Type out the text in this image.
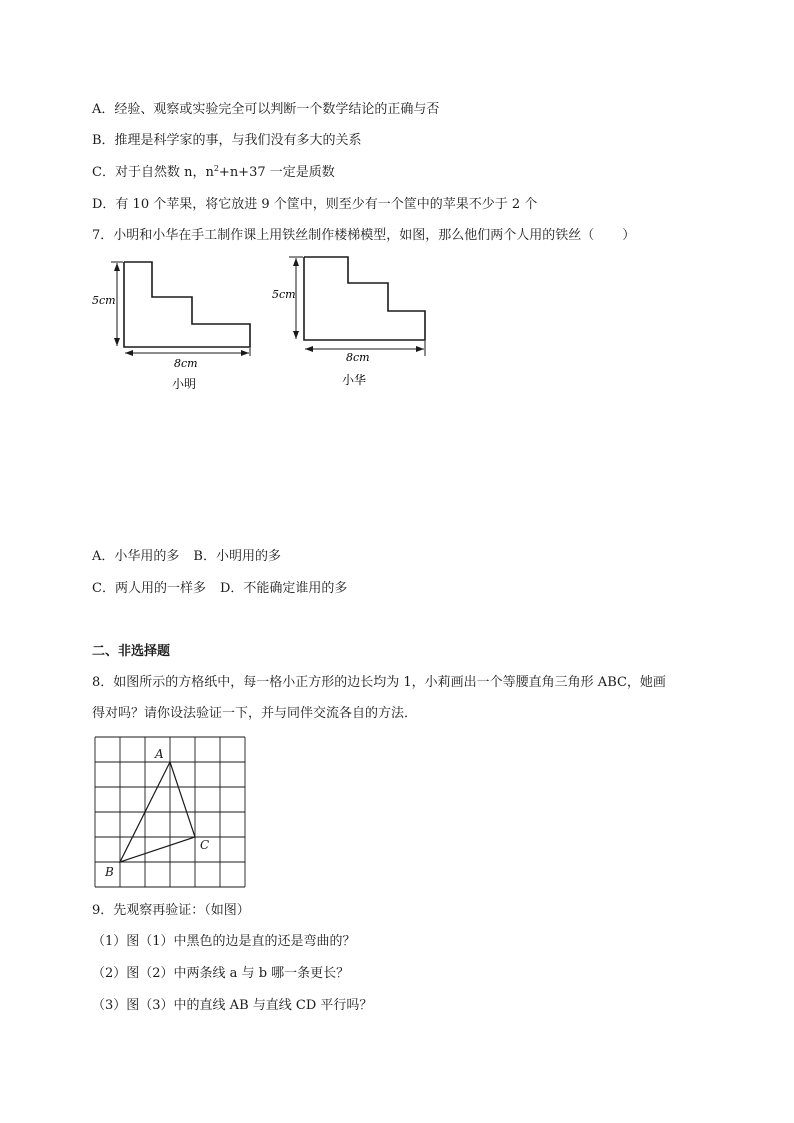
A．经验、观察或实验完全可以判断一个数学结论的正确与否
B．推理是科学家的事，与我们没有多大的关系
C．对于自然数 n，$n^2+n+37$ 一定是质数
D．有 10 个苹果，将它放进 9 个筐中，则至少有一个筐中的苹果不少于 2 个
7．小明和小华在手工制作课上用铁丝制作楼梯模型，如图，那么他们两个人用的铁丝（ ）
5cm
8cm
小明
5cm
8cm
小华
A．小华用的多 B．小明用的多
C．两人用的一样多 D．不能确定谁用的多
二、非选择题
8．如图所示的方格纸中，每一格小正方形的边长均为 1，小莉画出一个等腰直角三角形 ABC，她画
得对吗？请你设法验证一下，并与同伴交流各自的方法．
A
B
C
9．先观察再验证：（如图）
（1）图（1）中黑色的边是直的还是弯曲的？
（2）图（2）中两条线 a 与 b 哪一条更长？
（3）图（3）中的直线 AB 与直线 CD 平行吗？
